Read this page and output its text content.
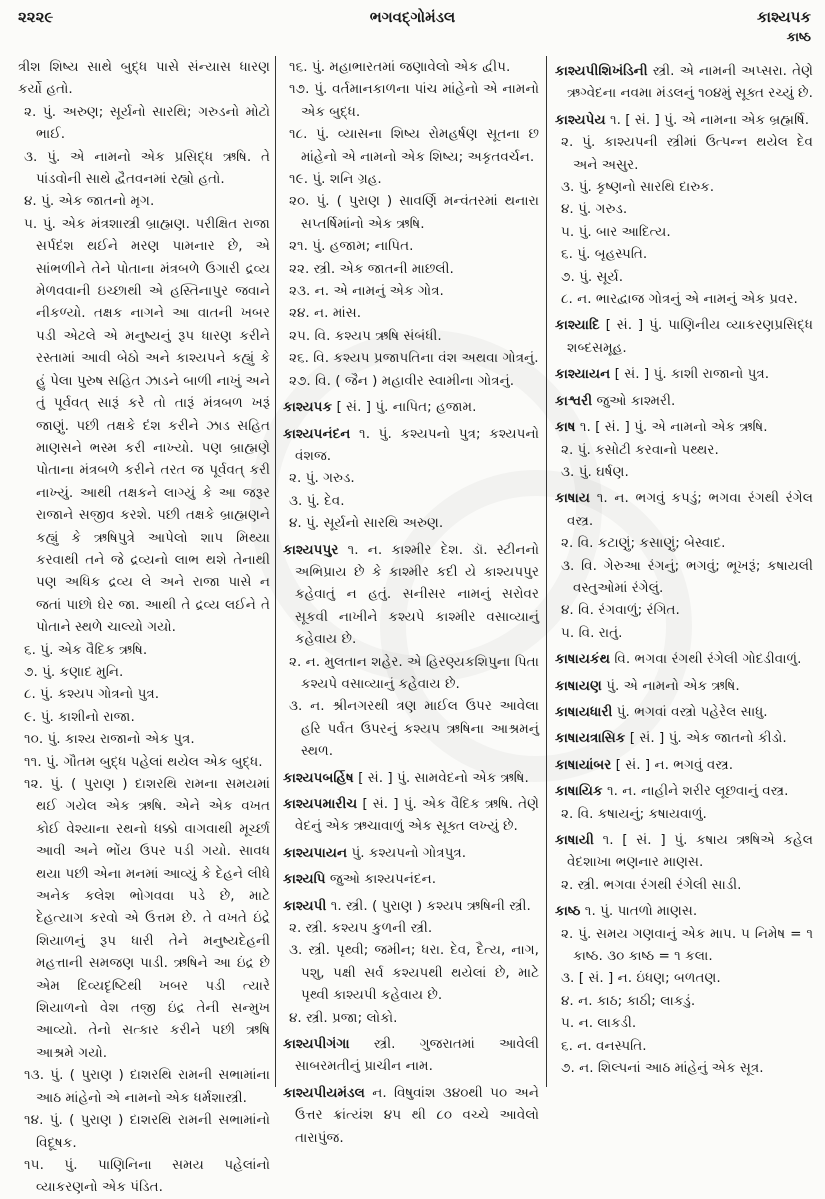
૨૨૨૯	ભગવદ્ગોમંડલ	કાશ્યપક
કાષ્ઠ

ત્રીશ શિષ્ય સાથે બુદ્ધ પાસે સંન્યાસ ધારણ કર્યો હતો.

૨. પું. અરુણ; સૂર્યનો સારથિ; ગરુડનો મોટો ભાઈ.

૩. પું. એ નામનો એક પ્રસિદ્ધ ઋષિ. તે પાંડવોની સાથે દ્વૈતવનમાં રહ્યો હતો.

૪. પું. એક જાતનો મૃગ.

૫. પું. એક મંત્રશાસ્ત્રી બ્રાહ્મણ. પરીક્ષિત રાજા સર્પદંશ થઈને મરણ પામનાર છે, એ સાંભળીને તેને પોતાના મંત્રબળે ઉગારી દ્રવ્ય મેળવવાની ઇચ્છાથી એ હસ્તિનાપુર જવાને નીકળ્યો. તક્ષક નાગને આ વાતની ખબર પડી એટલે એ મનુષ્યનું રૂપ ધારણ કરીને રસ્તામાં આવી બેઠો અને કાશ્યપને કહ્યું કે હું પેલા પુરુષ સહિત ઝાડને બાળી નાખું અને તું પૂર્વવત્ સારૂં કરે તો તારૂં મંત્રબળ ખરૂં જાણું. પછી તક્ષકે દંશ કરીને ઝાડ સહિત માણસને ભસ્મ કરી નાખ્યો. પણ બ્રાહ્મણે પોતાના મંત્રબળે કરીને તરત જ પૂર્વવત્ કરી નાખ્યું. આથી તક્ષકને લાગ્યું કે આ જરૂર રાજાને સજીવ કરશે. પછી તક્ષકે બ્રાહ્મણને કહ્યું કે ઋષિપુત્રે આપેલો શાપ મિથ્યા કરવાથી તને જે દ્રવ્યનો લાભ થશે તેનાથી પણ અધિક દ્રવ્ય લે અને રાજા પાસે ન જતાં પાછો ઘેર જા. આથી તે દ્રવ્ય લઈને તે પોતાને સ્થળે ચાલ્યો ગયો.

૬. પું. એક વૈદિક ઋષિ.

૭. પું. કણાદ મુનિ.

૮. પું. કશ્યપ ગોત્રનો પુત્ર.

૯. પું. કાશીનો રાજા.

૧૦. પું. કાશ્ય રાજાનો એક પુત્ર.

૧૧. પું. ગૌતમ બુદ્ધ પહેલાં થયેલ એક બુદ્ધ.

૧૨. પું. ( પુરાણ ) દાશરથિ રામના સમયમાં થઈ ગયેલ એક ઋષિ. એને એક વખત કોઈ વેશ્યાના રથનો ધક્કો વાગવાથી મૂર્ચ્છા આવી અને ભોંય ઉપર પડી ગયો. સાવધ થયા પછી એના મનમાં આવ્યું કે દેહને લીધે અનેક કલેશ ભોગવવા પડે છે, માટે દેહત્યાગ કરવો એ ઉત્તમ છે. તે વખતે ઇંદ્રે શિયાળનું રૂપ ધારી તેને મનુષ્યદેહની મહત્તાની સમજણ પાડી. ઋષિને આ ઇંદ્ર છે એમ દિવ્યદૃષ્ટિથી ખબર પડી ત્યારે શિયાળનો વેશ તજી ઇંદ્ર તેની સન્મુખ આવ્યો. તેનો સત્કાર કરીને પછી ઋષિ આશ્રમે ગયો.

૧૩. પું. ( પુરાણ ) દાશરથિ રામની સભામાંના આઠ માંહેનો એ નામનો એક ધર્મશાસ્ત્રી.

૧૪. પું. ( પુરાણ ) દાશરથિ રામની સભામાંનો વિદૂષક.

૧૫. પું. પાણિનિના સમય પહેલાંનો વ્યાકરણનો એક પંડિત.

૧૬. પું. મહાભારતમાં જણાવેલો એક દ્વીપ.

૧૭. પું. વર્તમાનકાળના પાંચ માંહેનો એ નામનો એક બુદ્ધ.

૧૮. પું. વ્યાસના શિષ્ય રોમહર્ષણ સૂતના છ માંહેનો એ નામનો એક શિષ્ય; અકૃતવર્ચન.

૧૯. પું. શનિ ગ્રહ.

૨૦. પું. ( પુરાણ ) સાવર્ણિ મન્વંતરમાં થનારા સપ્તર્ષિમાંનો એક ઋષિ.

૨૧. પું. હજામ; નાપિત.

૨૨. સ્ત્રી. એક જાતની માછલી.

૨૩. ન. એ નામનું એક ગોત્ર.

૨૪. ન. માંસ.

૨૫. વિ. કશ્યપ ઋષિ સંબંધી.

૨૬. વિ. કશ્યપ પ્રજાપતિના વંશ અથવા ગોત્રનું.

૨૭. વિ. ( જૈન ) મહાવીર સ્વામીના ગોત્રનું.

કાશ્યપક [ સં. ] પું. નાપિત; હજામ.

કાશ્યપનંદન ૧. પું. કશ્યપનો પુત્ર; કશ્યપનો વંશજ.

૨. પું. ગરુડ.

૩. પું. દેવ.

૪. પું. સૂર્યનો સારથિ અરુણ.

કાશ્યપપુર ૧. ન. કાશ્મીર દેશ. ડૉ. સ્ટીનનો અભિપ્રાય છે કે કાશ્મીર કદી યે કાશ્યપપુર કહેવાતું ન હતું. સનીસર નામનું સરોવર સૂકવી નાખીને કશ્યપે કાશ્મીર વસાવ્યાનું કહેવાય છે.

૨. ન. મુલતાન શહેર. એ હિરણ્યકશિપુના પિતા કશ્યપે વસાવ્યાનું કહેવાય છે.

૩. ન. શ્રીનગરથી ત્રણ માઈલ ઉપર આવેલા હરિ પર્વત ઉપરનું કશ્યપ ઋષિના આશ્રમનું સ્થળ.

કાશ્યપબર્હિષ [ સં. ] પું. સામવેદનો એક ઋષિ.

કાશ્યપમારીચ [ સં. ] પું. એક વૈદિક ઋષિ. તેણે વેદનું એક ઋચાવાળું એક સૂક્ત લખ્યું છે.

કાશ્યપાયન પું. કશ્યપનો ગોત્રપુત્ર.

કાશ્યપિ જુઓ કાશ્યપનંદન.

કાશ્યપી ૧. સ્ત્રી. ( પુરાણ ) કશ્યપ ઋષિની સ્ત્રી.

૨. સ્ત્રી. કશ્યપ કુળની સ્ત્રી.

૩. સ્ત્રી. પૃથ્વી; જમીન; ધરા. દેવ, દૈત્ય, નાગ, પશુ, પક્ષી સર્વ કશ્યપથી થયેલાં છે, માટે પૃથ્વી કાશ્યપી કહેવાય છે.

૪. સ્ત્રી. પ્રજા; લોકો.

કાશ્યપીગંગા સ્ત્રી. ગુજરાતમાં આવેલી સાબરમતીનું પ્રાચીન નામ.

કાશ્યપીયમંડલ ન. વિષુવાંશ ૩૪૦થી ૫૦ અને ઉત્તર ક્રાંત્યંશ ૪૫ થી ૮૦ વચ્ચે આવેલો તારાપુંજ.

કાશ્યપીશિખંડિની સ્ત્રી. એ નામની અપ્સરા. તેણે ઋગ્વેદના નવમા મંડલનું ૧૦૪મું સૂક્ત રચ્યું છે.

કાશ્યપેય ૧. [ સં. ] પું. એ નામના એક બ્રહ્મર્ષિ.

૨. પું. કાશ્યપની સ્ત્રીમાં ઉત્પન્ન થયેલ દેવ અને અસુર.

૩. પું. કૃષ્ણનો સારથિ દારુક.

૪. પું. ગરુડ.

૫. પું. બાર આદિત્ય.

૬. પું. બૃહસ્પતિ.

૭. પું. સૂર્ય.

૮. ન. ભારદ્વાજ ગોત્રનું એ નામનું એક પ્રવર.

કાશ્યાદિ [ સં. ] પું. પાણિનીય વ્યાકરણપ્રસિદ્ધ શબ્દસમૂહ.

કાશ્યાયન [ સં. ] પું. કાશી રાજાનો પુત્ર.

કાશ્વરી જુઓ કાશ્મરી.

કાષ ૧. [ સં. ] પું. એ નામનો એક ઋષિ.

૨. પું. કસોટી કરવાનો પથ્થર.

૩. પું. ઘર્ષણ.

કાષાય ૧. ન. ભગવું કપડું; ભગવા રંગથી રંગેલ વસ્ત્ર.

૨. વિ. કટાણું; કસાણું; બેસ્વાદ.

૩. વિ. ગેરુઆ રંગનું; ભગવું; ભૂખરૂં; કષાયલી વસ્તુઓમાં રંગેલું.

૪. વિ. રંગવાળું; રંગિત.

૫. વિ. રાતું.

કાષાયકંથ વિ. ભગવા રંગથી રંગેલી ગોદડીવાળું.

કાષાયણ પું. એ નામનો એક ઋષિ.

કાષાયધારી પું. ભગવાં વસ્ત્રો પહેરેલ સાધુ.

કાષાયત્રાસિક [ સં. ] પું. એક જાતનો કીડો.

કાષાયાંબર [ સં. ] ન. ભગવું વસ્ત્ર.

કાષાયિક ૧. ન. નાહીને શરીર લૂછવાનું વસ્ત્ર.

૨. વિ. કષાયનું; કષાયવાળું.

કાષાયી ૧. [ સં. ] પું. કષાય ઋષિએ કહેલ વેદશાખા ભણનાર માણસ.

૨. સ્ત્રી. ભગવા રંગથી રંગેલી સાડી.

કાષ્ઠ ૧. પું. પાતળો માણસ.

૨. પું. સમય ગણવાનું એક માપ. ૫ નિમેષ = ૧ કાષ્ઠ. ૩૦ કાષ્ઠ = ૧ કલા.

૩. [ સં. ] ન. ઇંધણ; બળતણ.

૪. ન. કાઠ; કાઠી; લાકડું.

૫. ન. લાકડી.

૬. ન. વનસ્પતિ.

૭. ન. શિલ્પનાં આઠ માંહેનું એક સૂત્ર.
